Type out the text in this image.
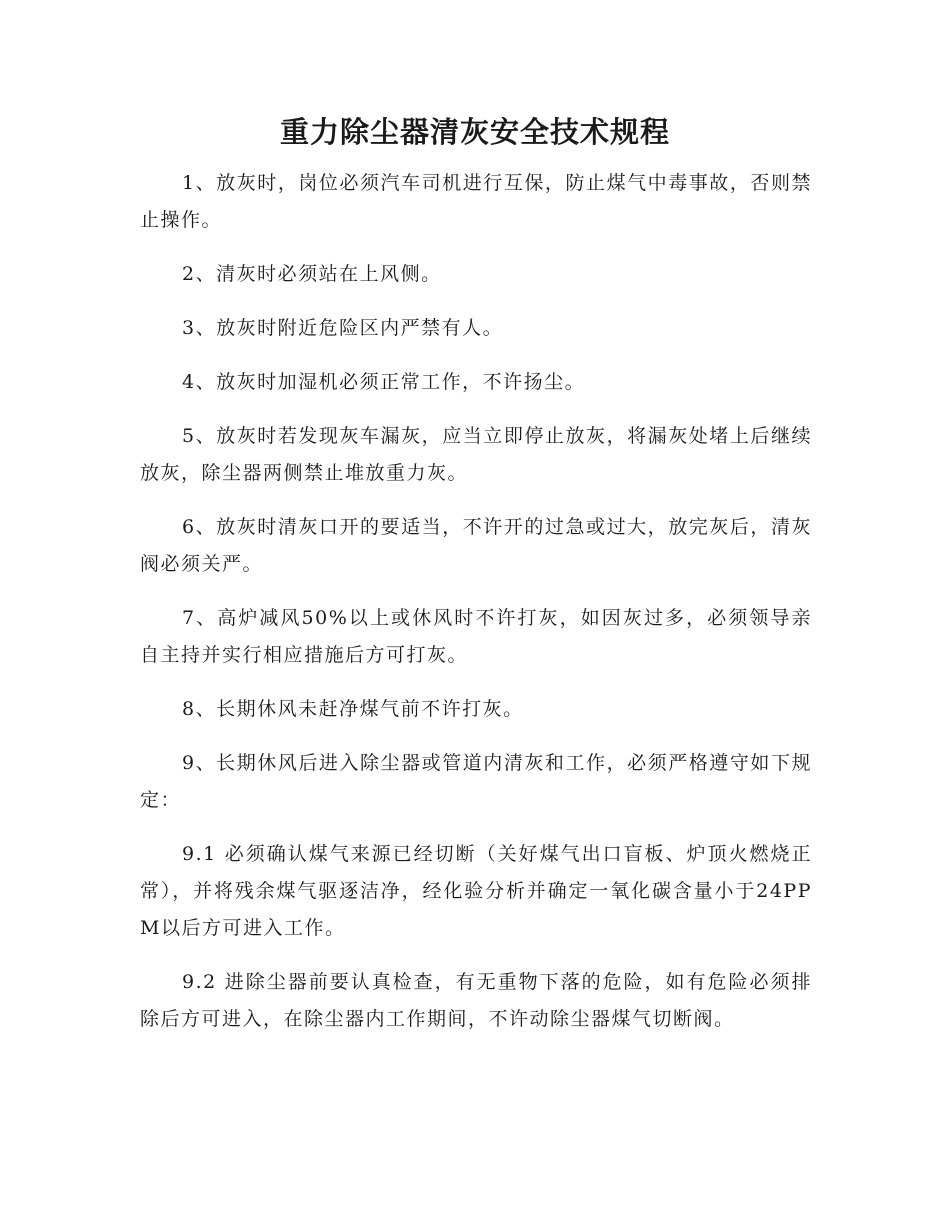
重力除尘器清灰安全技术规程

1、放灰时，岗位必须汽车司机进行互保，防止煤气中毒事故，否则禁止操作。

2、清灰时必须站在上风侧。

3、放灰时附近危险区内严禁有人。

4、放灰时加湿机必须正常工作，不许扬尘。

5、放灰时若发现灰车漏灰，应当立即停止放灰，将漏灰处堵上后继续放灰，除尘器两侧禁止堆放重力灰。

6、放灰时清灰口开的要适当，不许开的过急或过大，放完灰后，清灰阀必须关严。

7、高炉减风50%以上或休风时不许打灰，如因灰过多，必须领导亲自主持并实行相应措施后方可打灰。

8、长期休风未赶净煤气前不许打灰。

9、长期休风后进入除尘器或管道内清灰和工作，必须严格遵守如下规定：

9.1 必须确认煤气来源已经切断（关好煤气出口盲板、炉顶火燃烧正常），并将残余煤气驱逐洁净，经化验分析并确定一氧化碳含量小于24PPM以后方可进入工作。

9.2 进除尘器前要认真检查，有无重物下落的危险，如有危险必须排除后方可进入，在除尘器内工作期间，不许动除尘器煤气切断阀。
